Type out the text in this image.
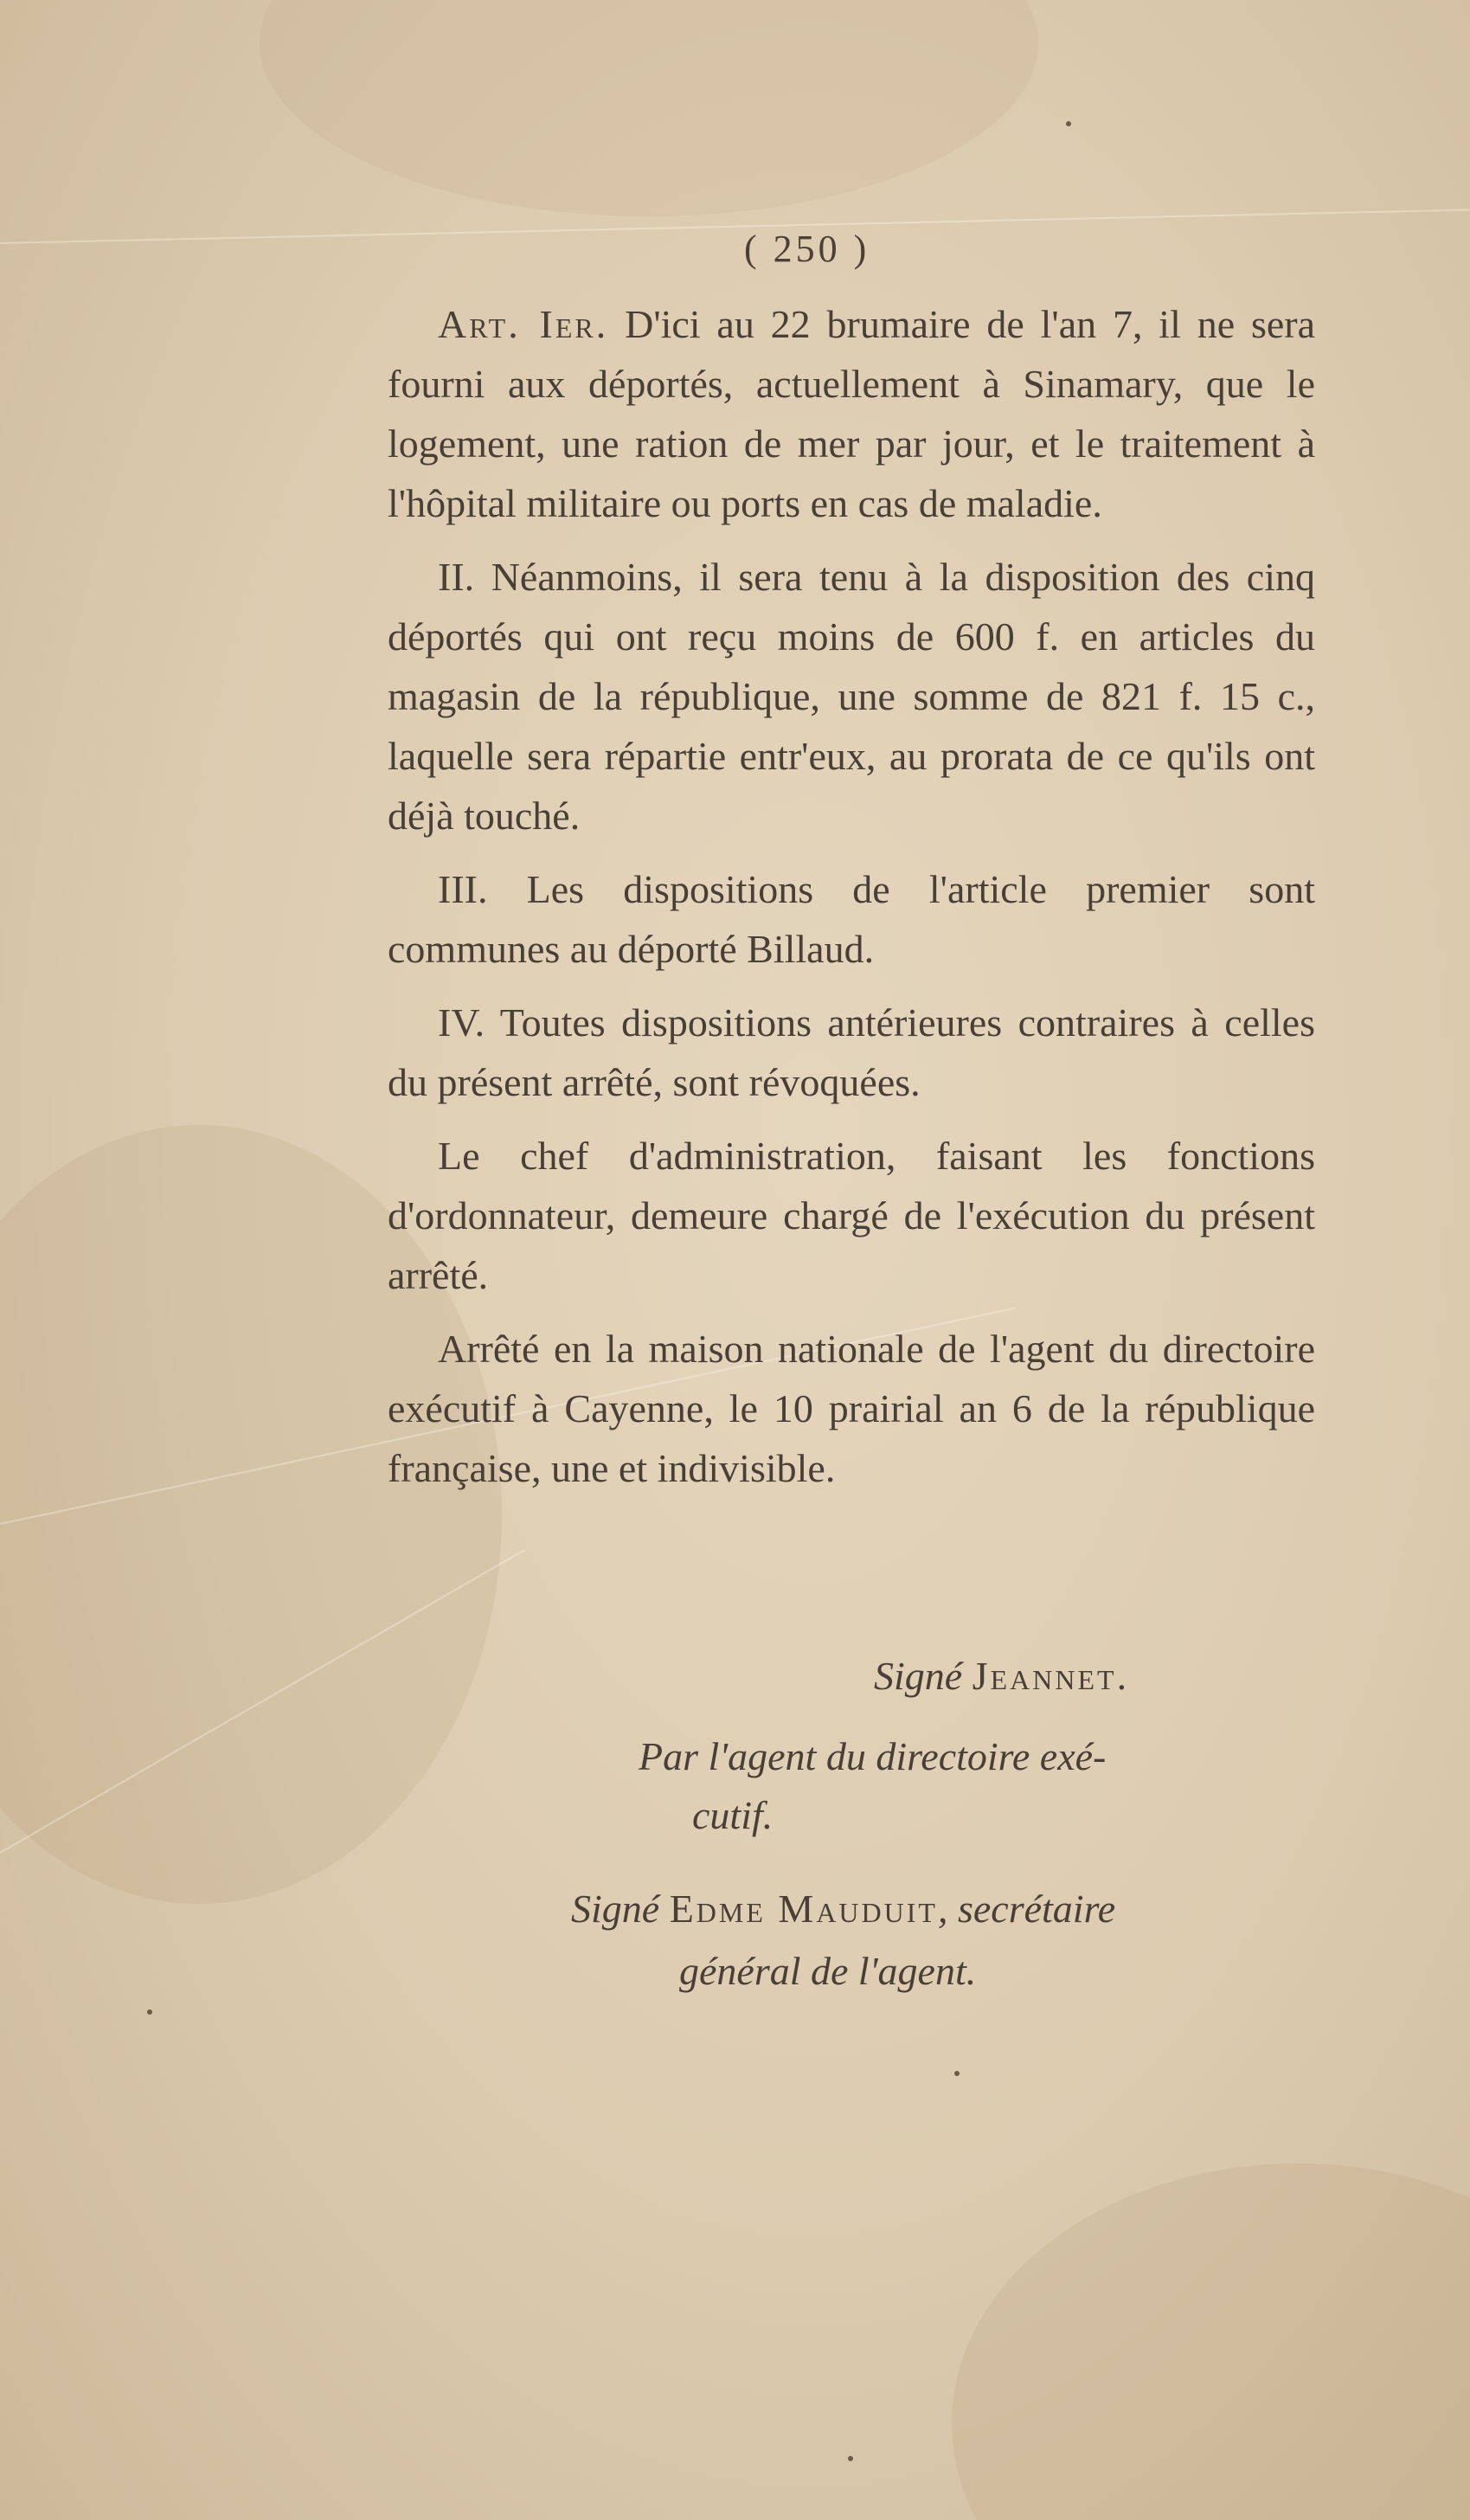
( 250 )

Art. Ier. D'ici au 22 brumaire de l'an 7, il ne sera fourni aux déportés, actuellement à Sinamary, que le logement, une ration de mer par jour, et le traitement à l'hôpital militaire ou ports en cas de maladie.

II. Néanmoins, il sera tenu à la disposition des cinq déportés qui ont reçu moins de 600 f. en articles du magasin de la république, une somme de 821 f. 15 c., laquelle sera répartie entr'eux, au prorata de ce qu'ils ont déjà touché.

III. Les dispositions de l'article premier sont communes au déporté Billaud.

IV. Toutes dispositions antérieures contraires à celles du présent arrêté, sont révoquées.

Le chef d'administration, faisant les fonctions d'ordonnateur, demeure chargé de l'exécution du présent arrêté.

Arrêté en la maison nationale de l'agent du directoire exécutif à Cayenne, le 10 prairial an 6 de la république française, une et indivisible.

Signé Jeannet.
Par l'agent du directoire exé-
cutif.
Signé Edme Mauduit, secrétaire
général de l'agent.
